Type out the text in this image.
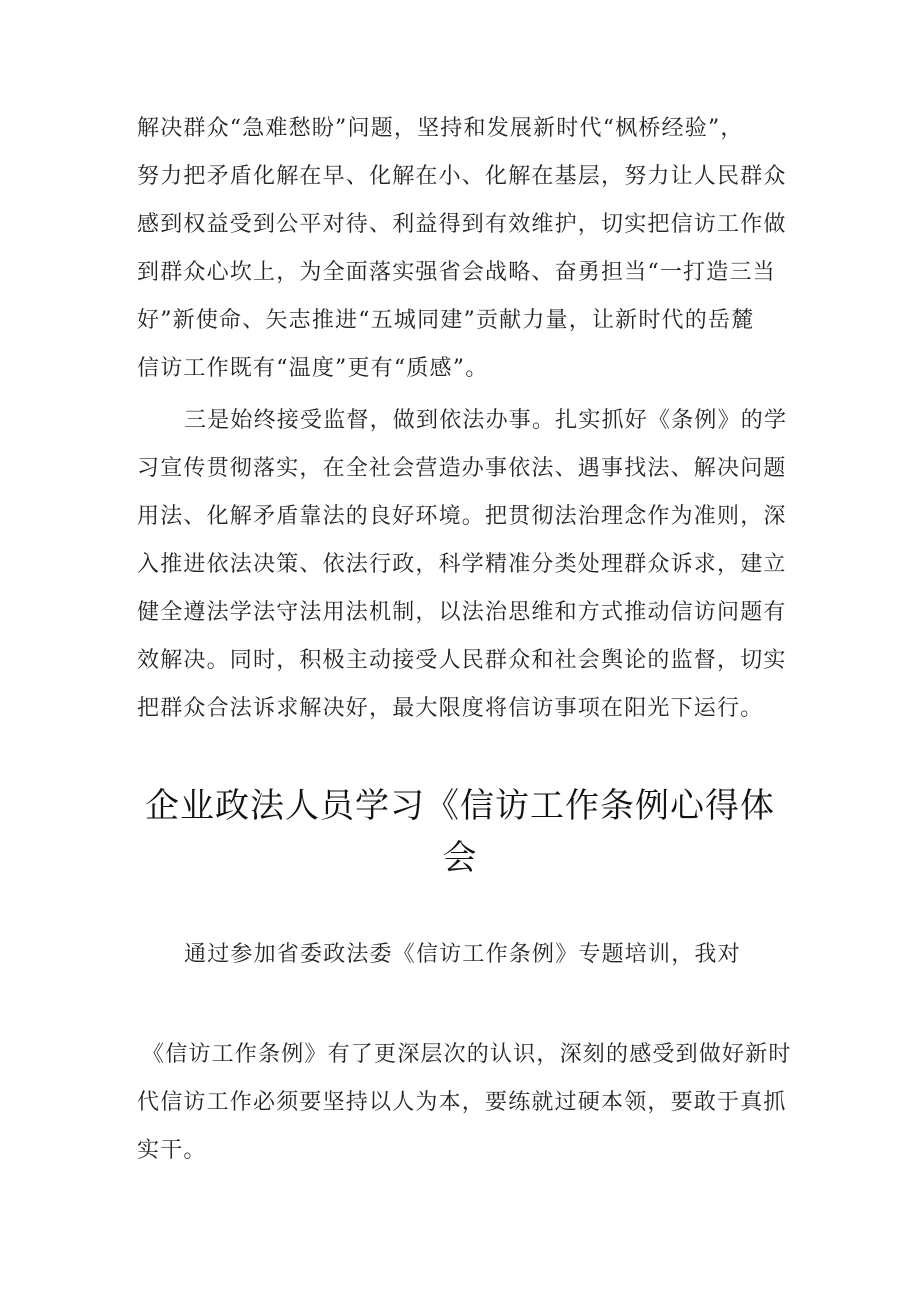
解决群众“急难愁盼”问题，坚持和发展新时代“枫桥经验”，
努力把矛盾化解在早、化解在小、化解在基层，努力让人民群众
感到权益受到公平对待、利益得到有效维护，切实把信访工作做
到群众心坎上，为全面落实强省会战略、奋勇担当“一打造三当
好”新使命、矢志推进“五城同建”贡献力量，让新时代的岳麓
信访工作既有“温度”更有“质感”。
三是始终接受监督，做到依法办事。扎实抓好《条例》的学
习宣传贯彻落实，在全社会营造办事依法、遇事找法、解决问题
用法、化解矛盾靠法的良好环境。把贯彻法治理念作为准则，深
入推进依法决策、依法行政，科学精准分类处理群众诉求，建立
健全遵法学法守法用法机制，以法治思维和方式推动信访问题有
效解决。同时，积极主动接受人民群众和社会舆论的监督，切实
把群众合法诉求解决好，最大限度将信访事项在阳光下运行。
企业政法人员学习《信访工作条例心得体
会
通过参加省委政法委《信访工作条例》专题培训，我对
《信访工作条例》有了更深层次的认识，深刻的感受到做好新时
代信访工作必须要坚持以人为本，要练就过硬本领，要敢于真抓
实干。
